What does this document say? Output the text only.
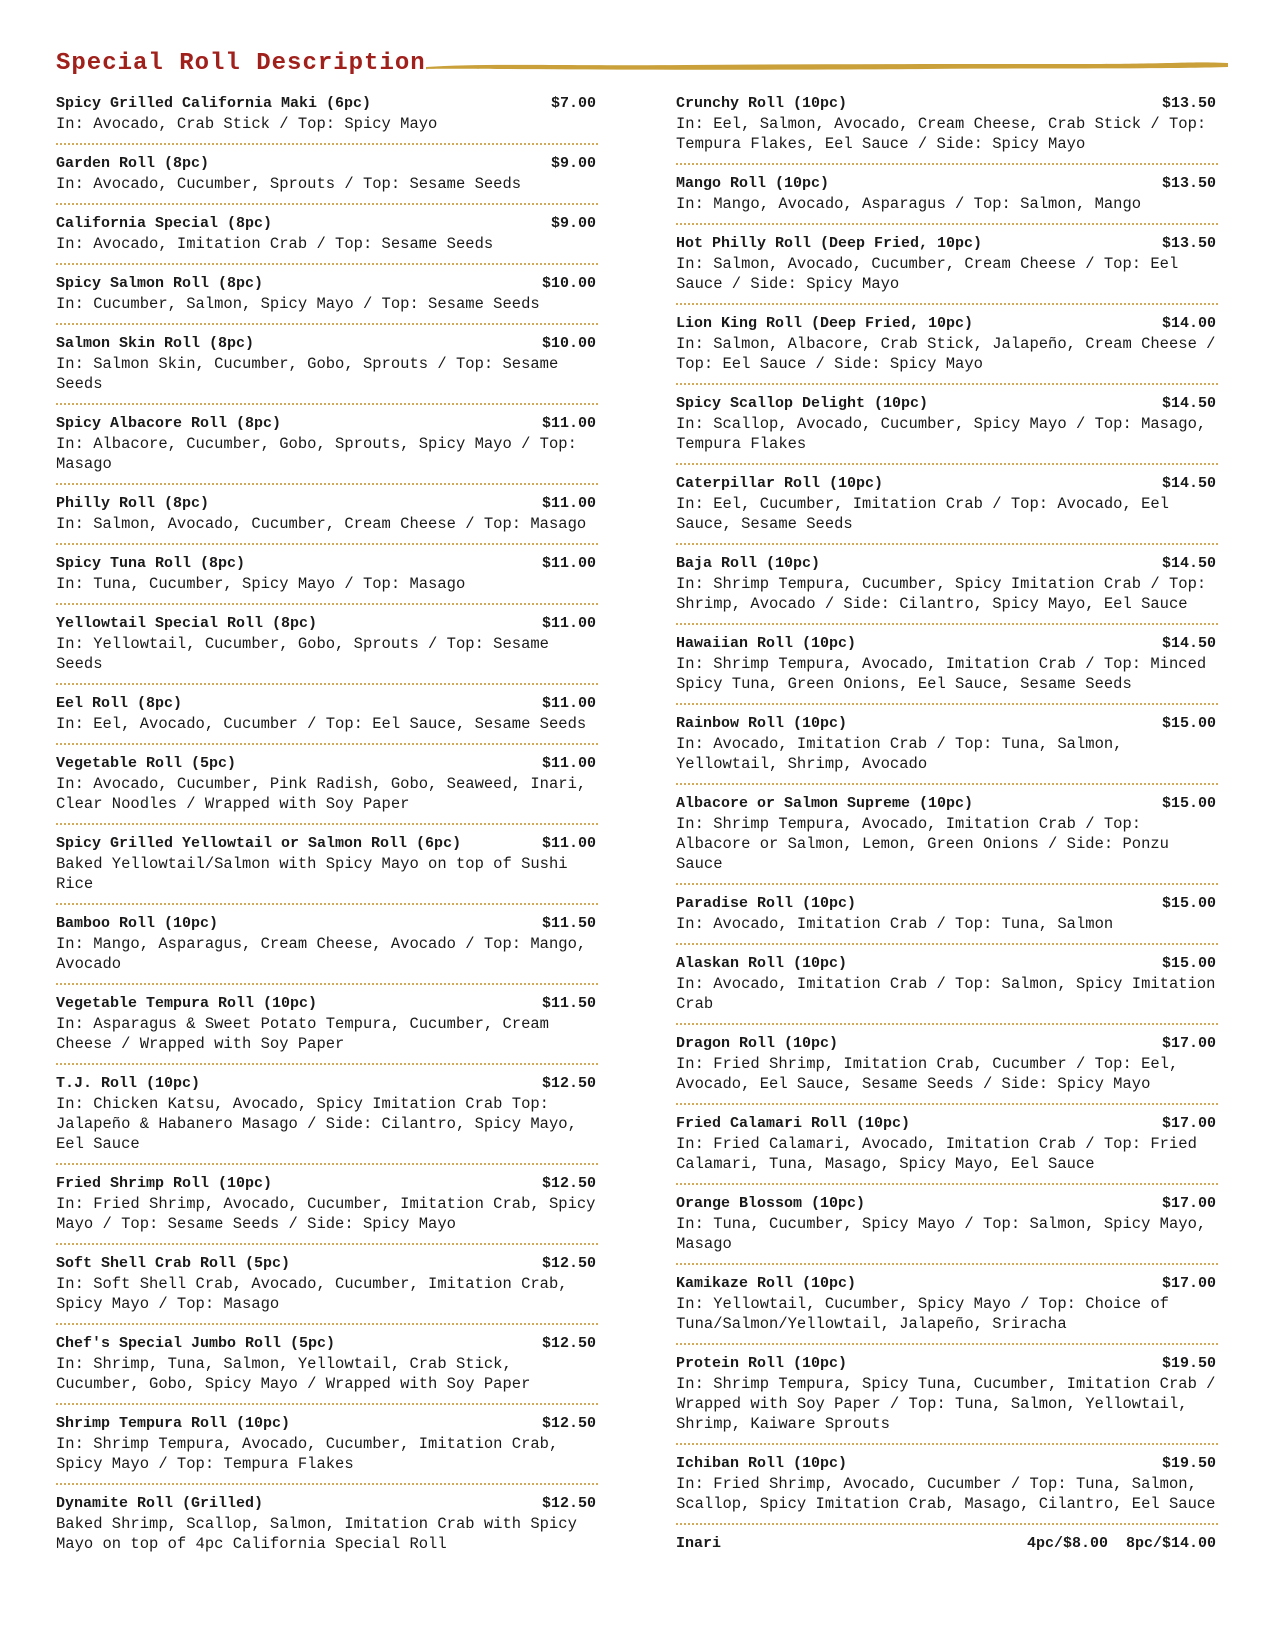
Special Roll Description
Spicy Grilled California Maki (6pc)	$7.00
In: Avocado, Crab Stick / Top: Spicy Mayo
Garden Roll (8pc)	$9.00
In: Avocado, Cucumber, Sprouts / Top: Sesame Seeds
California Special (8pc)	$9.00
In: Avocado, Imitation Crab / Top: Sesame Seeds
Spicy Salmon Roll (8pc)	$10.00
In: Cucumber, Salmon, Spicy Mayo / Top: Sesame Seeds
Salmon Skin Roll (8pc)	$10.00
In: Salmon Skin, Cucumber, Gobo, Sprouts / Top: Sesame Seeds
Spicy Albacore Roll (8pc)	$11.00
In: Albacore, Cucumber, Gobo, Sprouts, Spicy Mayo / Top: Masago
Philly Roll (8pc)	$11.00
In: Salmon, Avocado, Cucumber, Cream Cheese / Top: Masago
Spicy Tuna Roll (8pc)	$11.00
In: Tuna, Cucumber, Spicy Mayo / Top: Masago
Yellowtail Special Roll (8pc)	$11.00
In: Yellowtail, Cucumber, Gobo, Sprouts / Top: Sesame Seeds
Eel Roll (8pc)	$11.00
In: Eel, Avocado, Cucumber / Top: Eel Sauce, Sesame Seeds
Vegetable Roll (5pc)	$11.00
In: Avocado, Cucumber, Pink Radish, Gobo, Seaweed, Inari, Clear Noodles / Wrapped with Soy Paper
Spicy Grilled Yellowtail or Salmon Roll (6pc)	$11.00
Baked Yellowtail/Salmon with Spicy Mayo on top of Sushi Rice
Bamboo Roll (10pc)	$11.50
In: Mango, Asparagus, Cream Cheese, Avocado / Top: Mango, Avocado
Vegetable Tempura Roll (10pc)	$11.50
In: Asparagus & Sweet Potato Tempura, Cucumber, Cream Cheese / Wrapped with Soy Paper
T.J. Roll (10pc)	$12.50
In: Chicken Katsu, Avocado, Spicy Imitation Crab Top: Jalapeño & Habanero Masago / Side: Cilantro, Spicy Mayo, Eel Sauce
Fried Shrimp Roll (10pc)	$12.50
In: Fried Shrimp, Avocado, Cucumber, Imitation Crab, Spicy Mayo / Top: Sesame Seeds / Side: Spicy Mayo
Soft Shell Crab Roll (5pc)	$12.50
In: Soft Shell Crab, Avocado, Cucumber, Imitation Crab, Spicy Mayo / Top: Masago
Chef's Special Jumbo Roll (5pc)	$12.50
In: Shrimp, Tuna, Salmon, Yellowtail, Crab Stick, Cucumber, Gobo, Spicy Mayo / Wrapped with Soy Paper
Shrimp Tempura Roll (10pc)	$12.50
In: Shrimp Tempura, Avocado, Cucumber, Imitation Crab, Spicy Mayo / Top: Tempura Flakes
Dynamite Roll (Grilled)	$12.50
Baked Shrimp, Scallop, Salmon, Imitation Crab with Spicy Mayo on top of 4pc California Special Roll
Crunchy Roll (10pc)	$13.50
In: Eel, Salmon, Avocado, Cream Cheese, Crab Stick / Top: Tempura Flakes, Eel Sauce / Side: Spicy Mayo
Mango Roll (10pc)	$13.50
In: Mango, Avocado, Asparagus / Top: Salmon, Mango
Hot Philly Roll (Deep Fried, 10pc)	$13.50
In: Salmon, Avocado, Cucumber, Cream Cheese / Top: Eel Sauce / Side: Spicy Mayo
Lion King Roll (Deep Fried, 10pc)	$14.00
In: Salmon, Albacore, Crab Stick, Jalapeño, Cream Cheese / Top: Eel Sauce / Side: Spicy Mayo
Spicy Scallop Delight (10pc)	$14.50
In: Scallop, Avocado, Cucumber, Spicy Mayo / Top: Masago, Tempura Flakes
Caterpillar Roll (10pc)	$14.50
In: Eel, Cucumber, Imitation Crab / Top: Avocado, Eel Sauce, Sesame Seeds
Baja Roll (10pc)	$14.50
In: Shrimp Tempura, Cucumber, Spicy Imitation Crab / Top: Shrimp, Avocado / Side: Cilantro, Spicy Mayo, Eel Sauce
Hawaiian Roll (10pc)	$14.50
In: Shrimp Tempura, Avocado, Imitation Crab / Top: Minced Spicy Tuna, Green Onions, Eel Sauce, Sesame Seeds
Rainbow Roll (10pc)	$15.00
In: Avocado, Imitation Crab / Top: Tuna, Salmon, Yellowtail, Shrimp, Avocado
Albacore or Salmon Supreme (10pc)	$15.00
In: Shrimp Tempura, Avocado, Imitation Crab / Top: Albacore or Salmon, Lemon, Green Onions / Side: Ponzu Sauce
Paradise Roll (10pc)	$15.00
In: Avocado, Imitation Crab / Top: Tuna, Salmon
Alaskan Roll (10pc)	$15.00
In: Avocado, Imitation Crab / Top: Salmon, Spicy Imitation Crab
Dragon Roll (10pc)	$17.00
In: Fried Shrimp, Imitation Crab, Cucumber / Top: Eel, Avocado, Eel Sauce, Sesame Seeds / Side: Spicy Mayo
Fried Calamari Roll (10pc)	$17.00
In: Fried Calamari, Avocado, Imitation Crab / Top: Fried Calamari, Tuna, Masago, Spicy Mayo, Eel Sauce
Orange Blossom (10pc)	$17.00
In: Tuna, Cucumber, Spicy Mayo / Top: Salmon, Spicy Mayo, Masago
Kamikaze Roll (10pc)	$17.00
In: Yellowtail, Cucumber, Spicy Mayo / Top: Choice of Tuna/Salmon/Yellowtail, Jalapeño, Sriracha
Protein Roll (10pc)	$19.50
In: Shrimp Tempura, Spicy Tuna, Cucumber, Imitation Crab / Wrapped with Soy Paper / Top: Tuna, Salmon, Yellowtail, Shrimp, Kaiware Sprouts
Ichiban Roll (10pc)	$19.50
In: Fried Shrimp, Avocado, Cucumber / Top: Tuna, Salmon, Scallop, Spicy Imitation Crab, Masago, Cilantro, Eel Sauce
Inari	4pc/$8.00  8pc/$14.00
